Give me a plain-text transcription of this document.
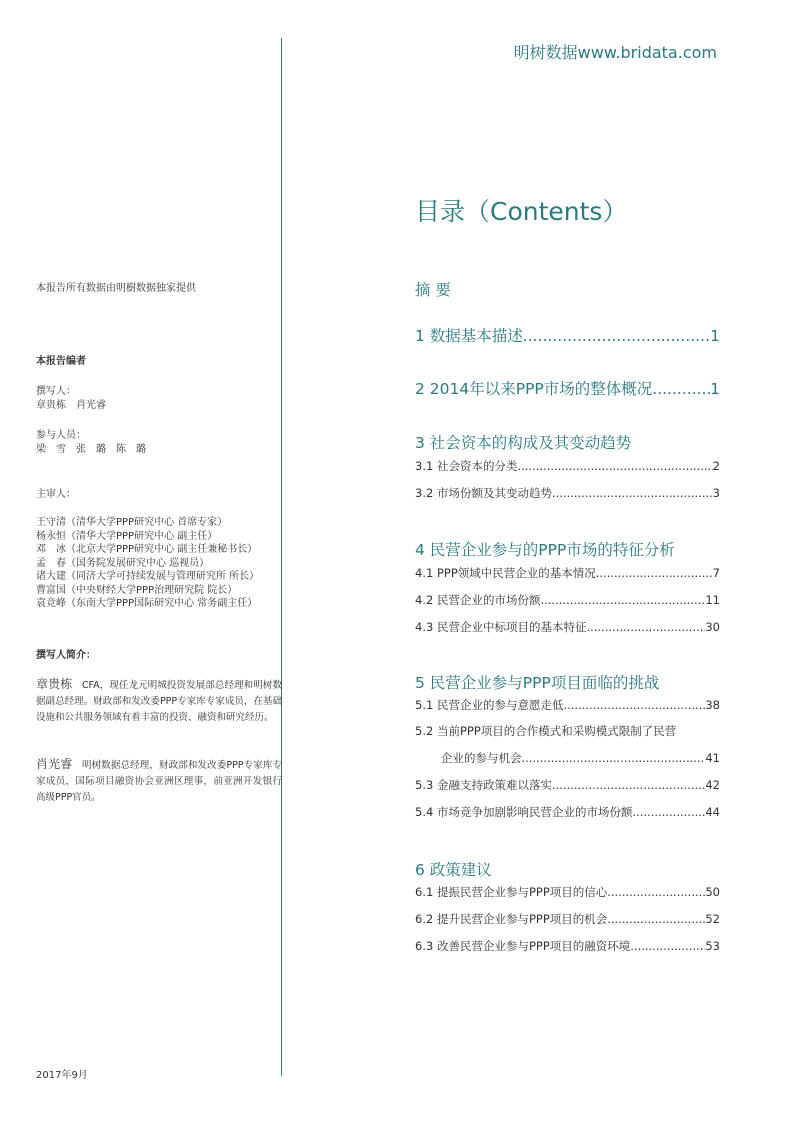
明树数据www.bridata.com
本报告所有数据由明樹数据独家提供
本报告编者
撰写人：
章贵栋　肖光睿
参与人员：
梁　雪　张　璐　陈　璐
主审人：
王守清（清华大学PPP研究中心 首席专家）
杨永恒（清华大学PPP研究中心 副主任）
邓　冰（北京大学PPP研究中心 副主任兼秘书长）
孟　春（国务院发展研究中心 巡视员）
诸大建（同济大学可持续发展与管理研究所 所长）
曹富国（中央财经大学PPP治理研究院 院长）
袁竞峰（东南大学PPP国际研究中心 常务副主任）
撰写人简介：
章贵栋　CFA，现任龙元明城投资发展部总经理和明树数据副总经理。财政部和发改委PPP专家库专家成员，在基础设施和公共服务领域有着丰富的投资、融资和研究经历。
肖光睿　明树数据总经理，财政部和发改委PPP专家库专家成员，国际项目融资协会亚洲区理事，前亚洲开发银行高级PPP官员。
2017年9月
目录（Contents）
摘 要
1 数据基本描述 .....	1
2 2014年以来PPP市场的整体概况 .....	1
3 社会资本的构成及其变动趋势
3.1 社会资本的分类 .....	2
3.2 市场份额及其变动趋势 .....	3
4 民营企业参与的PPP市场的特征分析
4.1 PPP领域中民营企业的基本情况 .....	7
4.2 民营企业的市场份额 .....	11
4.3 民营企业中标项目的基本特征 .....	30
5 民营企业参与PPP项目面临的挑战
5.1 民营企业的参与意愿走低 .....	38
5.2 当前PPP项目的合作模式和采购模式限制了民营
企业的参与机会 .....	41
5.3 金融支持政策难以落实 .....	42
5.4 市场竞争加剧影响民营企业的市场份额 .....	44
6 政策建议
6.1 提振民营企业参与PPP项目的信心 .....	50
6.2 提升民营企业参与PPP项目的机会 .....	52
6.3 改善民营企业参与PPP项目的融资环境 .....	53
